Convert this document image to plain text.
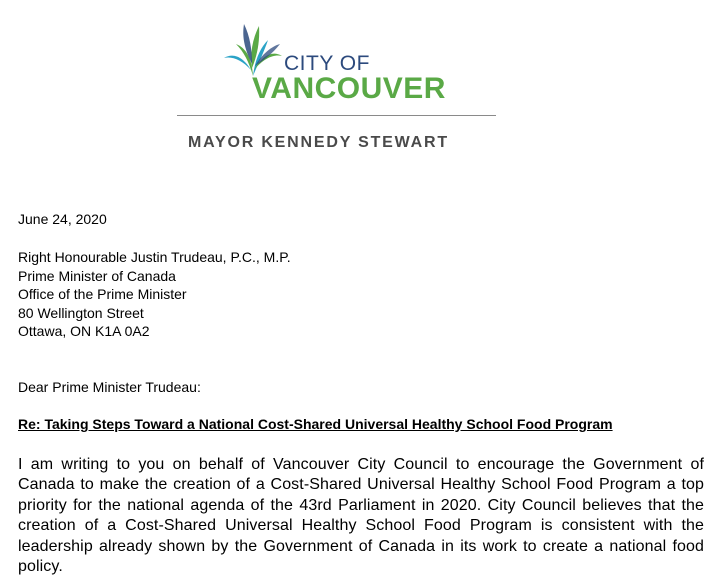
CITY OF
VANCOUVER
MAYOR KENNEDY STEWART
June 24, 2020
Right Honourable Justin Trudeau, P.C., M.P.
Prime Minister of Canada
Office of the Prime Minister
80 Wellington Street
Ottawa, ON K1A 0A2
Dear Prime Minister Trudeau:
Re: Taking Steps Toward a National Cost-Shared Universal Healthy School Food Program
I am writing to you on behalf of Vancouver City Council to encourage the Government of Canada to make the creation of a Cost-Shared Universal Healthy School Food Program a top priority for the national agenda of the 43rd Parliament in 2020. City Council believes that the creation of a Cost-Shared Universal Healthy School Food Program is consistent with the leadership already shown by the Government of Canada in its work to create a national food policy.
